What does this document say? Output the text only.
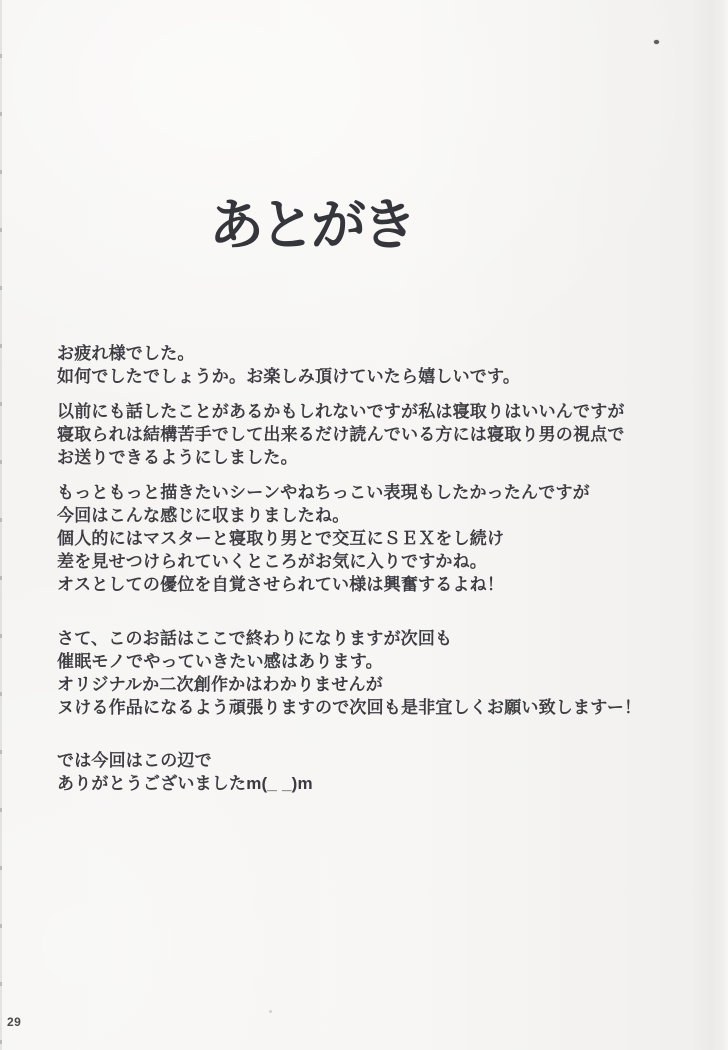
あとがき
お疲れ様でした。
如何でしたでしょうか。お楽しみ頂けていたら嬉しいです。
以前にも話したことがあるかもしれないですが私は寝取りはいいんですが
寝取られは結構苦手でして出来るだけ読んでいる方には寝取り男の視点で
お送りできるようにしました。
もっともっと描きたいシーンやねちっこい表現もしたかったんですが
今回はこんな感じに収まりましたね。
個人的にはマスターと寝取り男とで交互にＳＥＸをし続け
差を見せつけられていくところがお気に入りですかね。
オスとしての優位を自覚させられてい様は興奮するよね！
さて、このお話はここで終わりになりますが次回も
催眠モノでやっていきたい感はあります。
オリジナルか二次創作かはわかりませんが
ヌける作品になるよう頑張りますので次回も是非宜しくお願い致しますー！
では今回はこの辺で
ありがとうございましたm(_ _)m
29
